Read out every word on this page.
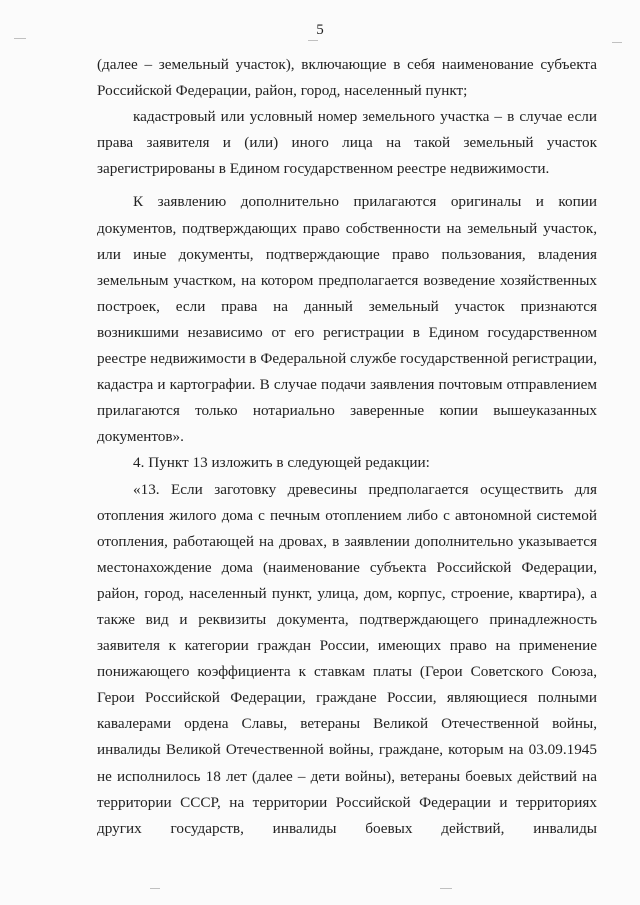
5

(далее – земельный участок), включающие в себя наименование субъекта Российской Федерации, район, город, населенный пункт;

кадастровый или условный номер земельного участка – в случае если права заявителя и (или) иного лица на такой земельный участок зарегистрированы в Едином государственном реестре недвижимости.

К заявлению дополнительно прилагаются оригиналы и копии документов, подтверждающих право собственности на земельный участок, или иные документы, подтверждающие право пользования, владения земельным участком, на котором предполагается возведение хозяйственных построек, если права на данный земельный участок признаются возникшими независимо от его регистрации в Едином государственном реестре недвижимости в Федеральной службе государственной регистрации, кадастра и картографии. В случае подачи заявления почтовым отправлением прилагаются только нотариально заверенные копии вышеуказанных документов».

4. Пункт 13 изложить в следующей редакции:

«13. Если заготовку древесины предполагается осуществить для отопления жилого дома с печным отоплением либо с автономной системой отопления, работающей на дровах, в заявлении дополнительно указывается местонахождение дома (наименование субъекта Российской Федерации, район, город, населенный пункт, улица, дом, корпус, строение, квартира), а также вид и реквизиты документа, подтверждающего принадлежность заявителя к категории граждан России, имеющих право на применение понижающего коэффициента к ставкам платы (Герои Советского Союза, Герои Российской Федерации, граждане России, являющиеся полными кавалерами ордена Славы, ветераны Великой Отечественной войны, инвалиды Великой Отечественной войны, граждане, которым на 03.09.1945 не исполнилось 18 лет (далее – дети войны), ветераны боевых действий на территории СССР, на территории Российской Федерации и территориях других государств, инвалиды боевых действий, инвалиды
